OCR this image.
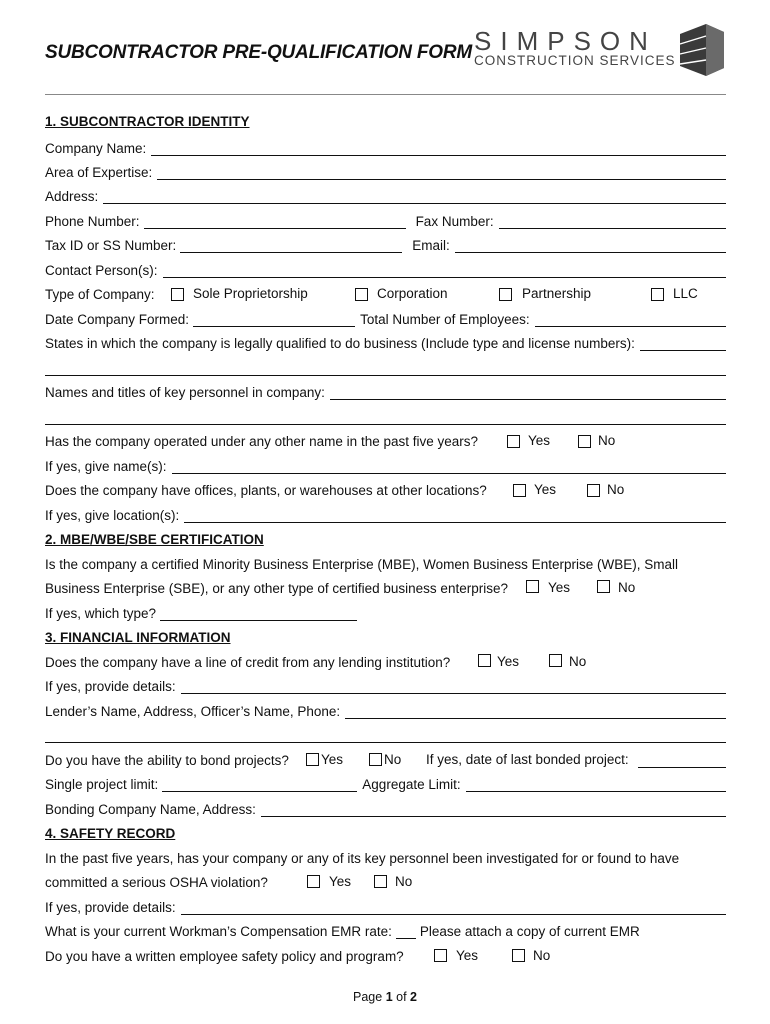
SUBCONTRACTOR PRE-QUALIFICATION FORM SIMPSON
CONSTRUCTION SERVICES
1. SUBCONTRACTOR IDENTITY
Company Name:
Area of Expertise:
Address:
Phone Number:	Fax Number:
Tax ID or SS Number:	Email:
Contact Person(s):
Type of Company:	Sole Proprietorship	Corporation	Partnership	LLC
Date Company Formed:	Total Number of Employees:
States in which the company is legally qualified to do business (Include type and license numbers):
Names and titles of key personnel in company:
Has the company operated under any other name in the past five years?	Yes	No
If yes, give name(s):
Does the company have offices, plants, or warehouses at other locations?	Yes	No
If yes, give location(s):
2. MBE/WBE/SBE CERTIFICATION
Is the company a certified Minority Business Enterprise (MBE), Women Business Enterprise (WBE), Small
Business Enterprise (SBE), or any other type of certified business enterprise?	Yes	No
If yes, which type?
3. FINANCIAL INFORMATION
Does the company have a line of credit from any lending institution?	Yes	No
If yes, provide details:
Lender’s Name, Address, Officer’s Name, Phone:
Do you have the ability to bond projects? Yes	No If yes, date of last bonded project:
Single project limit:	Aggregate Limit:
Bonding Company Name, Address:
4. SAFETY RECORD
In the past five years, has your company or any of its key personnel been investigated for or found to have
committed a serious OSHA violation?	Yes	No
If yes, provide details:
What is your current Workman’s Compensation EMR rate: Please attach a copy of current EMR
Do you have a written employee safety policy and program?	Yes	No
Page 1 of 2
